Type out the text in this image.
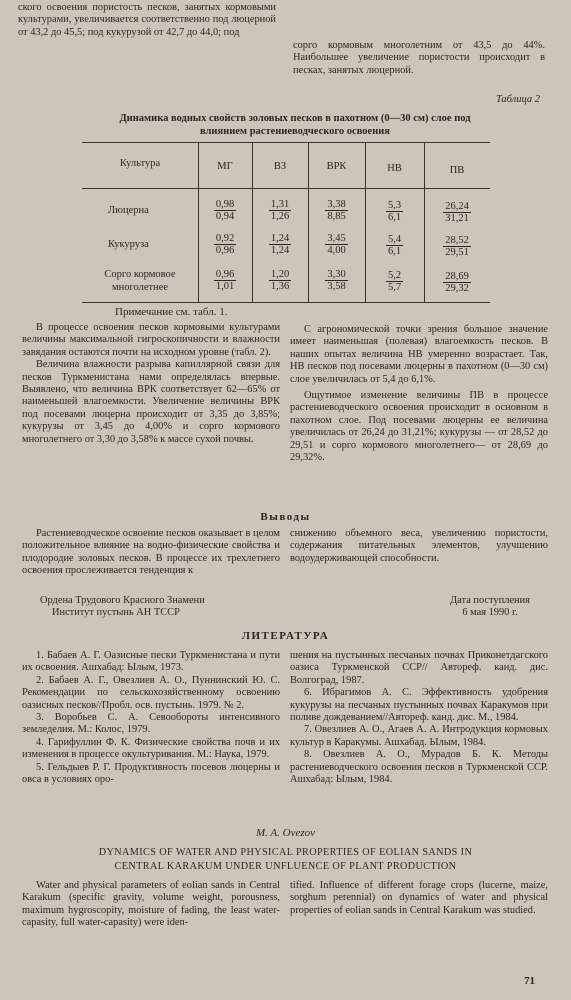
ского освоения пористость песков, занятых кормовыми культурами, увеличивается соответственно под люцерной от 43,2 до 45,5; под кукурузой от 42,7 до 44,0; под

сорго кормовым многолетним от 43,5 до 44%. Наибольшее увеличение пористости происходит в песках, занятых люцерной.

Таблица 2
Динамика водных свойств золовых песков в пахотном (0—30 см) слое под влиянием растениеводческого освоения
Культура	МГ	ВЗ	ВРК	НВ	ПВ
Люцерна	$\frac{0,98}{0,94}$	$\frac{1,31}{1,26}$	$\frac{3,38}{8,85}$	$\frac{5,3}{6,1}$	$\frac{26,24}{31,21}$
Кукуруза	$\frac{0,92}{0,96}$	$\frac{1,24}{1,24}$	$\frac{3,45}{4,00}$	$\frac{5,4}{6,1}$	$\frac{28,52}{29,51}$
Сорго кормовое многолетнее	$\frac{0,96}{1,01}$	$\frac{1,20}{1,36}$	$\frac{3,30}{3,58}$	$\frac{5,2}{5,7}$	$\frac{28,69}{29,32}$
Примечание см. табл. 1.

В процессе освоения песков кормовыми культурами величины максимальной гигроскопичности и влажности завядания остаются почти на исходном уровне (табл. 2).

Величина влажности разрыва капиллярной связи для песков Туркменистана нами определялась впервые. Выявлено, что величина ВРК соответствует 62—65% от наименьшей влагоемкости. Увеличение величины ВРК под посевами люцерна происходит от 3,35 до 3,85%; кукурузы от 3,45 до 4,00% и сорго кормового многолетнего от 3,30 до 3,58% к массе сухой почвы.

С агрономической точки зрения большое значение имеет наименьшая (полевая) влагоемкость песков. В наших опытах величина НВ умеренно возрастает. Так, НВ песков под посевами люцерны в пахотном (0—30 см) слое увеличилась от 5,4 до 6,1%.

Ощутимое изменение величины ПВ в процессе растениеводческого освоения происходит в основном в пахотном слое. Под посевами люцерны ее величина увеличилась от 26,24 до 31,21%; кукурузы — от 28,52 до 29,51 и сорго кормового многолетнего— от 28,69 до 29,32%.

Выводы

Растениеводческое освоение песков оказывает в целом положительное влияние на водно-физические свойства и плодородие золовых песков. В процессе их трехлетнего освоения прослеживается тенденция к

снижению объемного веса, увеличению пористости, содержания питательных элементов, улучшению водоудерживающей способности.

Ордена Трудового Красного Знамени
Институт пустынь АН ТССР
Дата поступления
6 мая 1990 г.
ЛИТЕРАТУРА

1. Бабаев А. Г. Оазисные пески Туркменистана и пути их освоения. Ашхабад: Ылым, 1973.

2. Бабаев А. Г., Овезлиев А. О., Пуннинский Ю. С. Рекомендации по сельскохозяйственному освоению оазисных песков//Пробл. осв. пустынь. 1979. № 2.

3. Воробьев С. А. Севообороты интенсивного земледелия. М.: Колос, 1979.

4. Гарифуллин Ф. К. Физические свойства почв и их изменения в процессе окультуривания. М.: Наука, 1979.

5. Гельдыев Р. Г. Продуктивность посевов люцерны и овса в условиях оро-

шения на пустынных песчаных почвах Приконетдагского оазиса Туркменской ССР// Автореф. канд. дис. Волгоград, 1987.

6. Ибрагимов А. С. Эффективность удобрения кукурузы на песчаных пустынных почвах Каракумов при поливе дождеванием//Автореф. канд. дис. М., 1984.

7. Овезлиев А. О., Агаев А. А. Интродукция кормовых культур в Каракумы. Ашхабад. Ылым, 1984.

8. Овезлиев А. О., Мурадов Б. К. Методы растениеводческого освоения песков в Туркменской ССР. Ашхабад: Ылым, 1984.

M. A. Ovezov
DYNAMICS OF WATER AND PHYSICAL PROPERTIES OF EOLIAN SANDS IN
CENTRAL KARAKUM UNDER UNFLUENCE OF PLANT PRODUCTION

Water and physical parameters of eolian sands in Central Karakum (specific gravity, volume weight, porousness, maximum hygroscopity, moisture of fading, the least water-capasity, full water-capasity) were iden-

tified. Influence of different forage crops (lucerne, maize, sorghum perennial) on dynamics of water and physical properties of eolian sands in Central Karakum was studied.

71
